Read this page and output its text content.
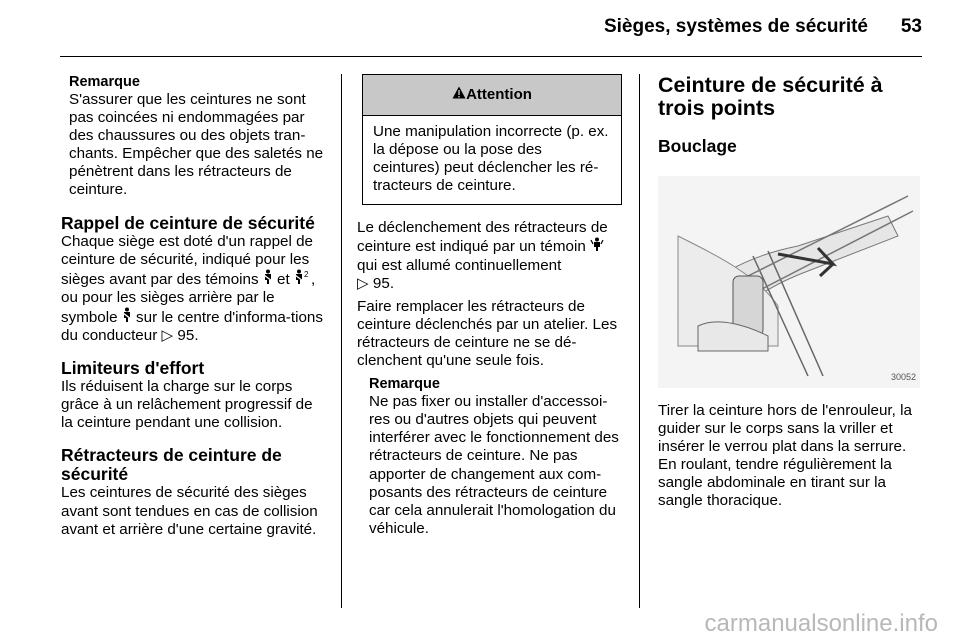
Sièges, systèmes de sécurité 53
Remarque
S'assurer que les ceintures ne sont pas coincées ni endommagées par des chaussures ou des objets tran-chants. Empêcher que des saletés ne pénètrent dans les rétracteurs de ceinture.
Rappel de ceinture de sécurité

Chaque siège est doté d'un rappel de ceinture de sécurité, indiqué pour les sièges avant par des témoins et 2 , ou pour les sièges arrière par le symbole sur le centre d'informa-tions du conducteur ▷ 95.

Limiteurs d'effort

Ils réduisent la charge sur le corps grâce à un relâchement progressif de la ceinture pendant une collision.

Rétracteurs de ceinture de sécurité

Les ceintures de sécurité des sièges avant sont tendues en cas de collision avant et arrière d'une certaine gravité.

Attention
Une manipulation incorrecte (p. ex. la dépose ou la pose des ceintures) peut déclencher les ré-tracteurs de ceinture.

Le déclenchement des rétracteurs de ceinture est indiqué par un témoin  qui est allumé continuellement
▷ 95.

Faire remplacer les rétracteurs de ceinture déclenchés par un atelier. Les rétracteurs de ceinture ne se dé-clenchent qu'une seule fois.

Remarque
Ne pas fixer ou installer d'accessoi-res ou d'autres objets qui peuvent interférer avec le fonctionnement des rétracteurs de ceinture. Ne pas apporter de changement aux com-posants des rétracteurs de ceinture car cela annulerait l'homologation du véhicule.
Ceinture de sécurité à trois points
Bouclage
30052

Tirer la ceinture hors de l'enrouleur, la guider sur le corps sans la vriller et insérer le verrou plat dans la serrure. En roulant, tendre régulièrement la sangle abdominale en tirant sur la sangle thoracique.

carmanualsonline.info
